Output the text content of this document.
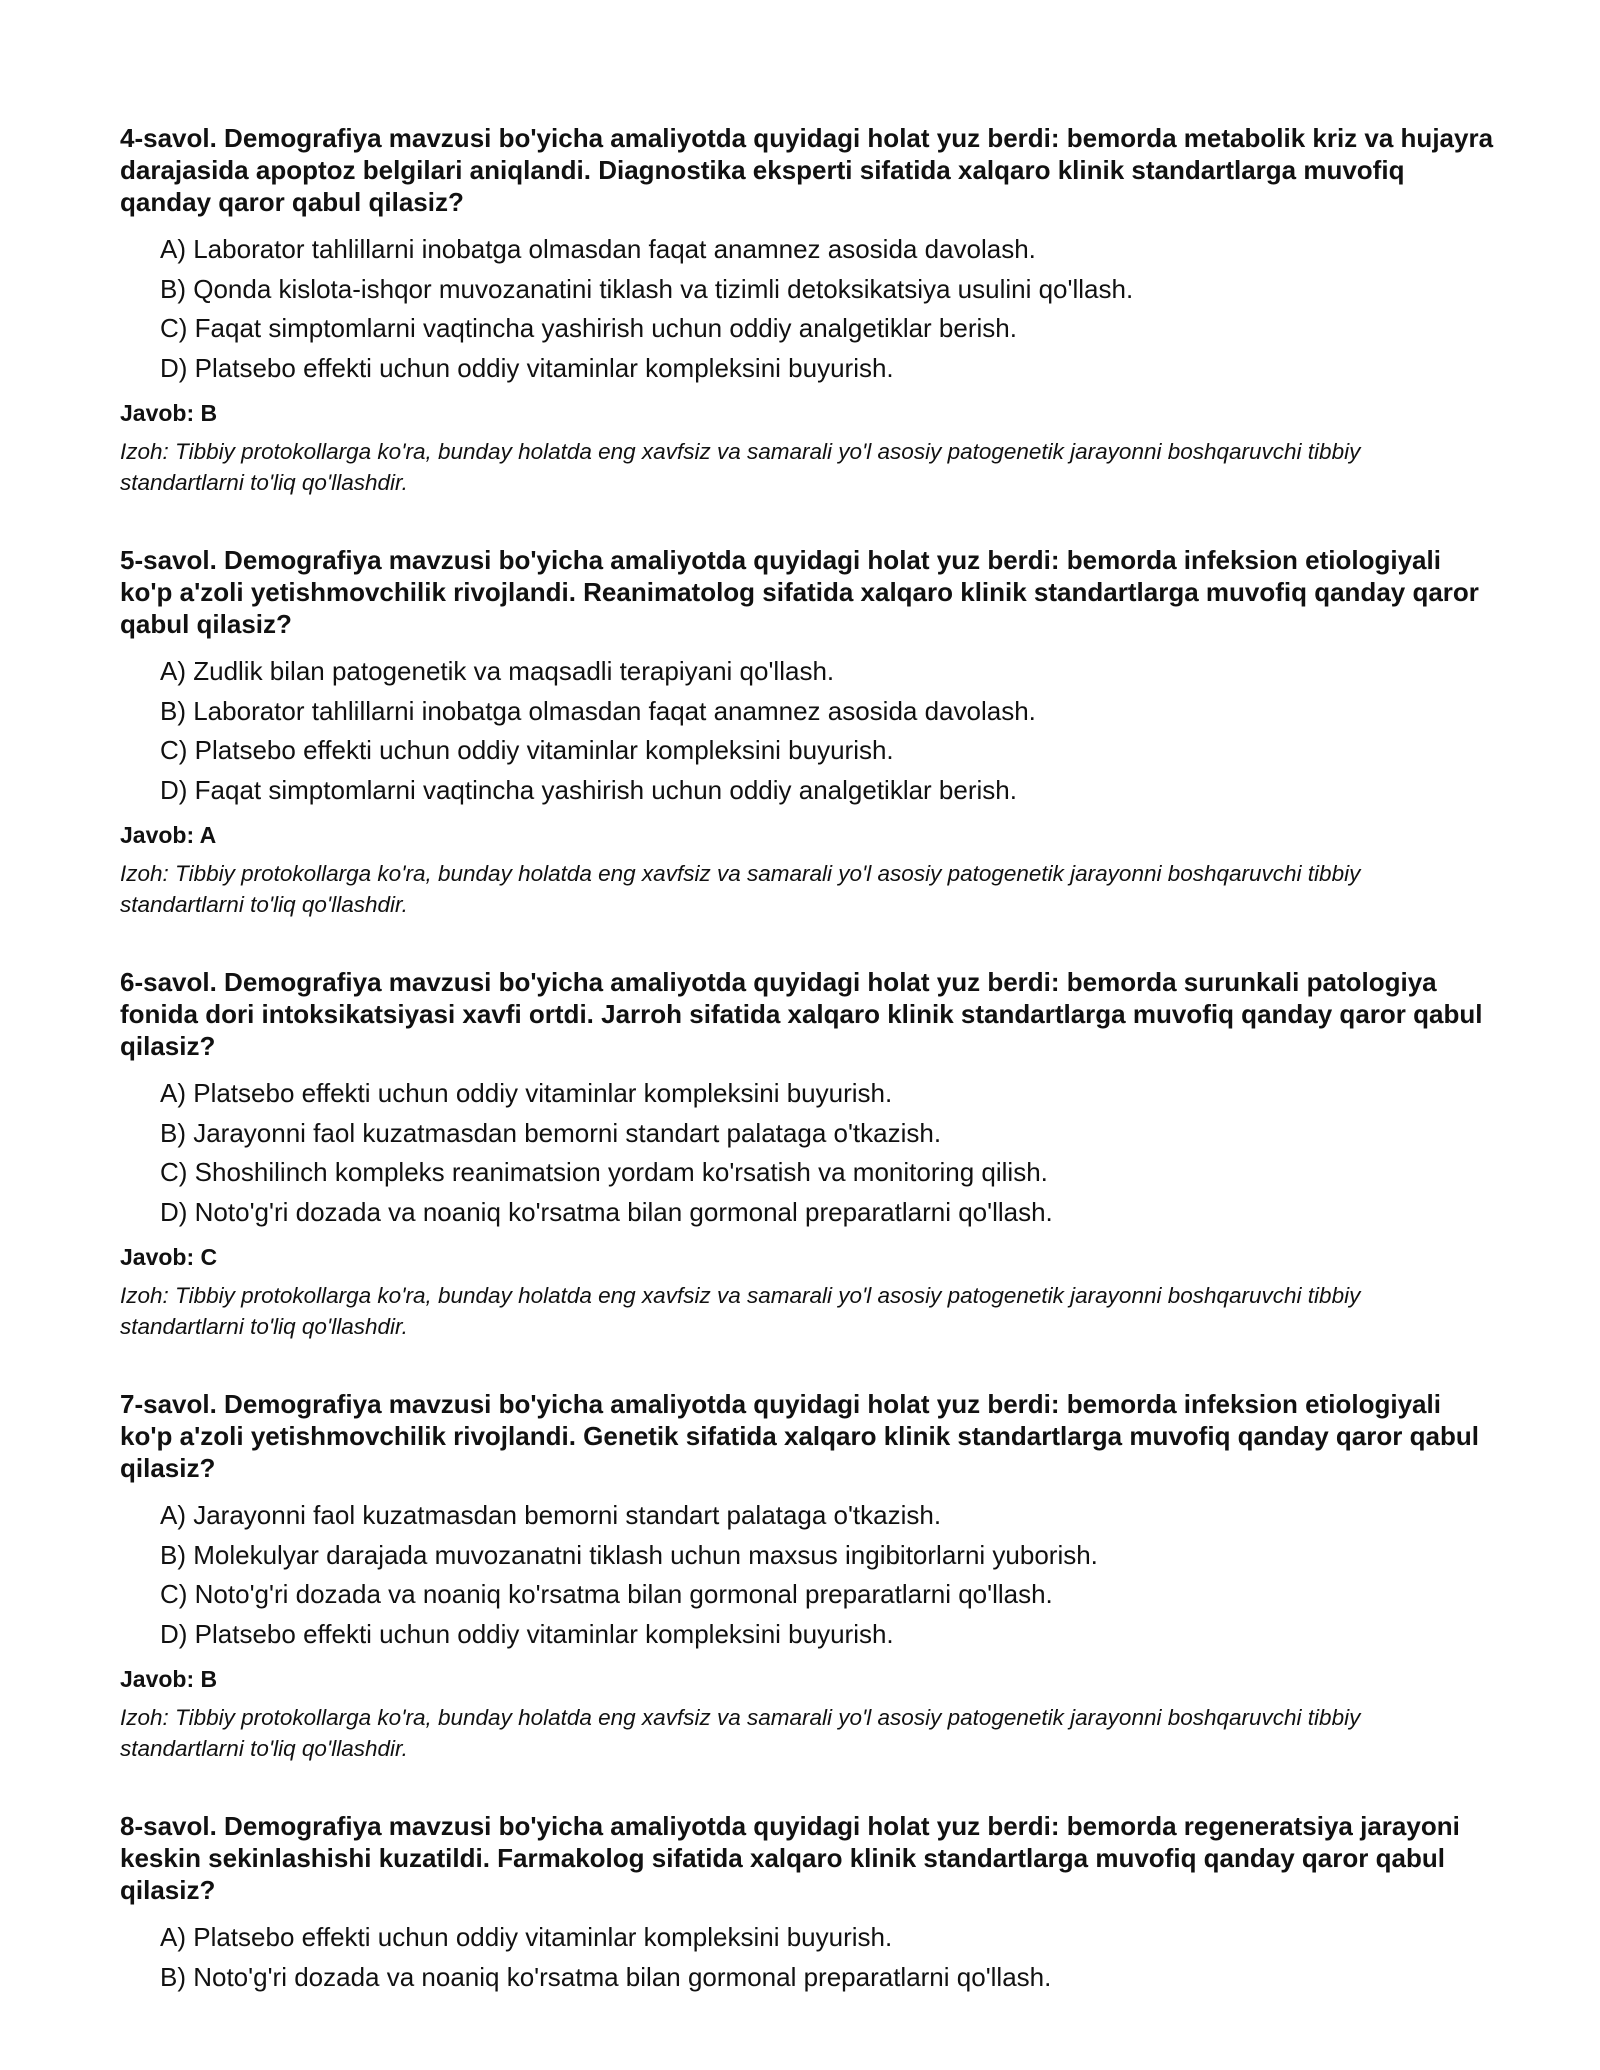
4-savol. Demografiya mavzusi bo'yicha amaliyotda quyidagi holat yuz berdi: bemorda metabolik kriz va hujayra darajasida apoptoz belgilari aniqlandi. Diagnostika eksperti sifatida xalqaro klinik standartlarga muvofiq qanday qaror qabul qilasiz?

A) Laborator tahlillarni inobatga olmasdan faqat anamnez asosida davolash.
B) Qonda kislota-ishqor muvozanatini tiklash va tizimli detoksikatsiya usulini qo'llash.
C) Faqat simptomlarni vaqtincha yashirish uchun oddiy analgetiklar berish.
D) Platsebo effekti uchun oddiy vitaminlar kompleksini buyurish.

Javob: B

Izoh: Tibbiy protokollarga ko'ra, bunday holatda eng xavfsiz va samarali yo'l asosiy patogenetik jarayonni boshqaruvchi tibbiy standartlarni to'liq qo'llashdir.

5-savol. Demografiya mavzusi bo'yicha amaliyotda quyidagi holat yuz berdi: bemorda infeksion etiologiyali ko'p a'zoli yetishmovchilik rivojlandi. Reanimatolog sifatida xalqaro klinik standartlarga muvofiq qanday qaror qabul qilasiz?

A) Zudlik bilan patogenetik va maqsadli terapiyani qo'llash.
B) Laborator tahlillarni inobatga olmasdan faqat anamnez asosida davolash.
C) Platsebo effekti uchun oddiy vitaminlar kompleksini buyurish.
D) Faqat simptomlarni vaqtincha yashirish uchun oddiy analgetiklar berish.

Javob: A

Izoh: Tibbiy protokollarga ko'ra, bunday holatda eng xavfsiz va samarali yo'l asosiy patogenetik jarayonni boshqaruvchi tibbiy standartlarni to'liq qo'llashdir.

6-savol. Demografiya mavzusi bo'yicha amaliyotda quyidagi holat yuz berdi: bemorda surunkali patologiya fonida dori intoksikatsiyasi xavfi ortdi. Jarroh sifatida xalqaro klinik standartlarga muvofiq qanday qaror qabul qilasiz?

A) Platsebo effekti uchun oddiy vitaminlar kompleksini buyurish.
B) Jarayonni faol kuzatmasdan bemorni standart palataga o'tkazish.
C) Shoshilinch kompleks reanimatsion yordam ko'rsatish va monitoring qilish.
D) Noto'g'ri dozada va noaniq ko'rsatma bilan gormonal preparatlarni qo'llash.

Javob: C

Izoh: Tibbiy protokollarga ko'ra, bunday holatda eng xavfsiz va samarali yo'l asosiy patogenetik jarayonni boshqaruvchi tibbiy standartlarni to'liq qo'llashdir.

7-savol. Demografiya mavzusi bo'yicha amaliyotda quyidagi holat yuz berdi: bemorda infeksion etiologiyali ko'p a'zoli yetishmovchilik rivojlandi. Genetik sifatida xalqaro klinik standartlarga muvofiq qanday qaror qabul qilasiz?

A) Jarayonni faol kuzatmasdan bemorni standart palataga o'tkazish.
B) Molekulyar darajada muvozanatni tiklash uchun maxsus ingibitorlarni yuborish.
C) Noto'g'ri dozada va noaniq ko'rsatma bilan gormonal preparatlarni qo'llash.
D) Platsebo effekti uchun oddiy vitaminlar kompleksini buyurish.

Javob: B

Izoh: Tibbiy protokollarga ko'ra, bunday holatda eng xavfsiz va samarali yo'l asosiy patogenetik jarayonni boshqaruvchi tibbiy standartlarni to'liq qo'llashdir.

8-savol. Demografiya mavzusi bo'yicha amaliyotda quyidagi holat yuz berdi: bemorda regeneratsiya jarayoni keskin sekinlashishi kuzatildi. Farmakolog sifatida xalqaro klinik standartlarga muvofiq qanday qaror qabul qilasiz?

A) Platsebo effekti uchun oddiy vitaminlar kompleksini buyurish.
B) Noto'g'ri dozada va noaniq ko'rsatma bilan gormonal preparatlarni qo'llash.
